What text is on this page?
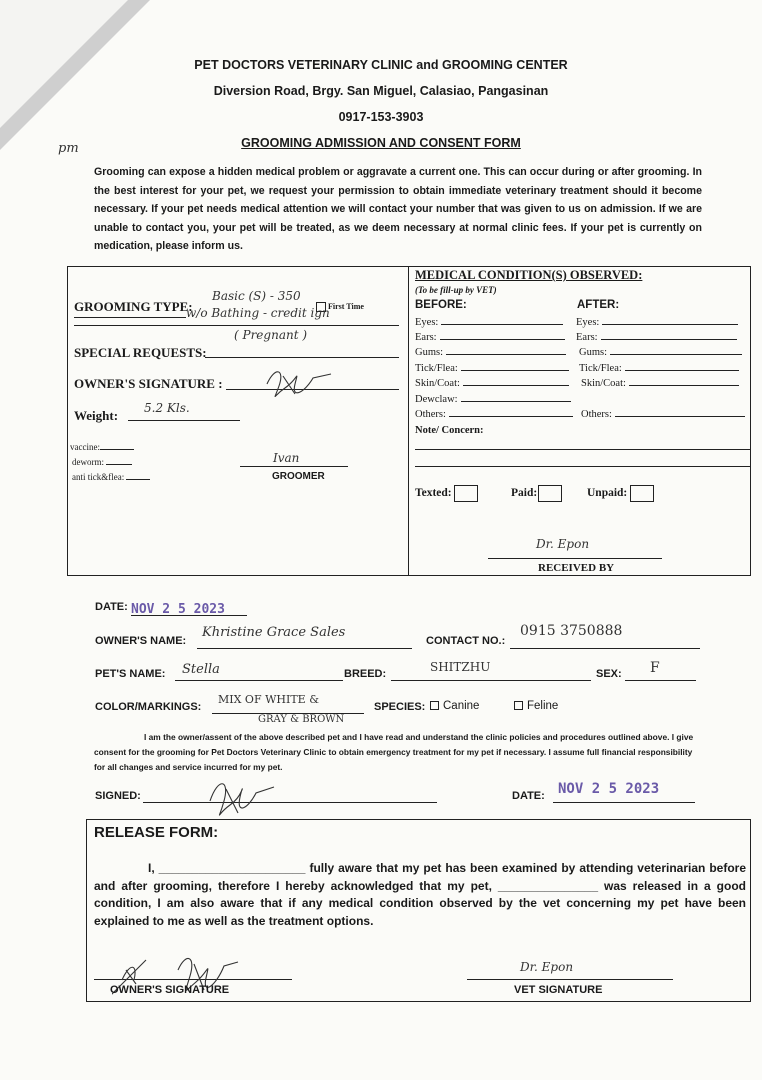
PET DOCTORS VETERINARY CLINIC and GROOMING CENTER
Diversion Road, Brgy. San Miguel, Calasiao, Pangasinan
0917-153-3903
GROOMING ADMISSION AND CONSENT FORM
pm
Grooming can expose a hidden medical problem or aggravate a current one. This can occur during or after grooming. In the best interest for your pet, we request your permission to obtain immediate veterinary treatment should it become necessary. If your pet needs medical attention we will contact your number that was given to us on admission. If we are unable to contact you, your pet will be treated, as we deem necessary at normal clinic fees. If your pet is currently on medication, please inform us.
GROOMING TYPE:
Basic (S) - 350
First Time
w/o Bathing - credit ign
( Pregnant )
SPECIAL REQUESTS:
OWNER'S SIGNATURE :
Weight: 5.2 Kls.
vaccine:
deworm:
anti tick&flea:
Ivan
GROOMER
MEDICAL CONDITION(S) OBSERVED:
(To be fill-up by VET)
BEFORE:	AFTER:
Eyes:	Eyes:
Ears:	Ears:
Gums:	Gums:
Tick/Flea:	Tick/Flea:
Skin/Coat:	Skin/Coat:
Dewclaw:
Others:	Others:
Note/ Concern:
Texted:	Paid:	Unpaid:
Dr. Epon
RECEIVED BY
DATE: NOV 2 5 2023
OWNER'S NAME:
Khristine Grace Sales
CONTACT NO.:
0915 3750888
PET'S NAME: Stella	BREED:	SHITZHU	SEX: F
COLOR/MARKINGS:
MIX OF WHITE &
GRAY & BROWN
SPECIES:	Canine	Feline
I am the owner/assent of the above described pet and I have read and understand the clinic policies and procedures outlined above. I give consent for the grooming for Pet Doctors Veterinary Clinic to obtain emergency treatment for my pet if necessary. I assume full financial responsibility for all changes and service incurred for my pet.
SIGNED:	DATE: NOV 2 5 2023
RELEASE FORM:
I, ______________________ fully aware that my pet has been examined by attending veterinarian before and after grooming, therefore I hereby acknowledged that my pet, _______________ was released in a good condition, I am also aware that if any medical condition observed by the vet concerning my pet have been explained to me as well as the treatment options.
OWNER'S SIGNATURE
Dr. Epon
VET SIGNATURE
